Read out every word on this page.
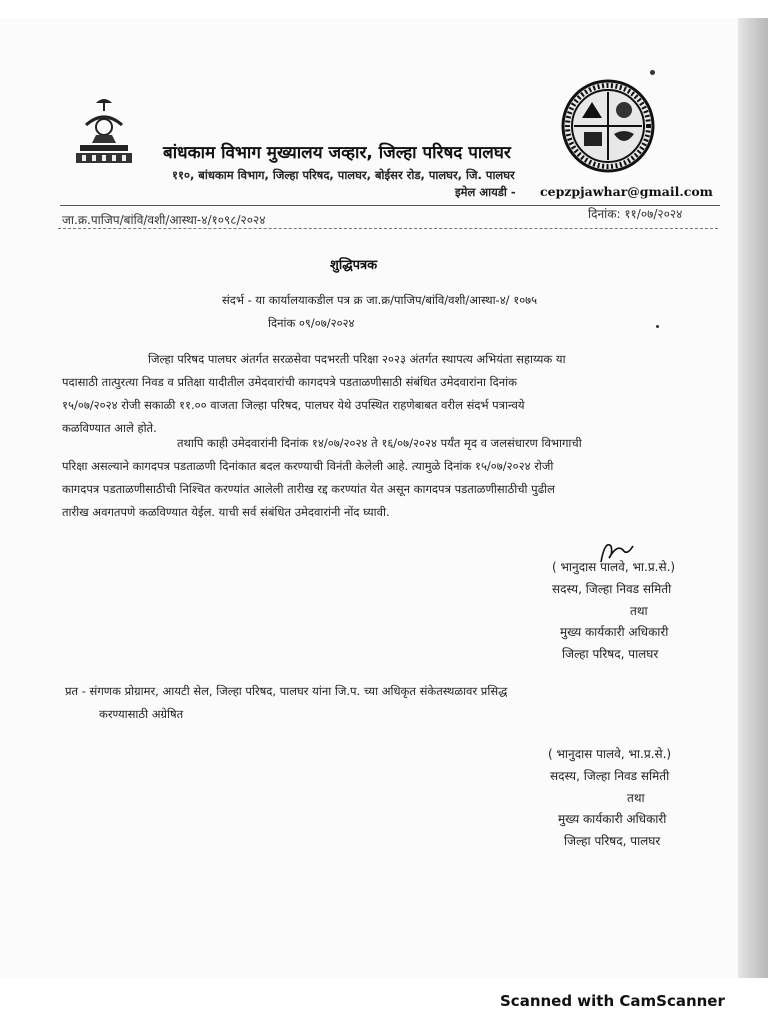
बांधकाम विभाग मुख्यालय जव्हार, जिल्हा परिषद पालघर
११०, बांधकाम विभाग, जिल्हा परिषद, पालघर, बोईसर रोड, पालघर, जि. पालघर
इमेल आयडी - cepzpjawhar@gmail.com
जा.क्र.पाजिप/बांवि/वशी/आस्था-४/१०९८/२०२४	दिनांक: ११/०७/२०२४
शुद्धिपत्रक
संदर्भ - या कार्यालयाकडील पत्र क्र जा.क्र/पाजिप/बांवि/वशी/आस्था-४/ १०७५
दिनांक ०९/०७/२०२४
जिल्हा परिषद पालघर अंतर्गत सरळसेवा पदभरती परिक्षा २०२३ अंतर्गत स्थापत्य अभियंता सहाय्यक या
पदासाठी तात्पुरत्या निवड व प्रतिक्षा यादीतील उमेदवारांची कागदपत्रे पडताळणीसाठी संबंधित उमेदवारांना दिनांक
१५/०७/२०२४ रोजी सकाळी ११.०० वाजता जिल्हा परिषद, पालघर येथे उपस्थित राहणेबाबत वरील संदर्भ पत्रान्वये
कळविण्यात आले होते.
तथापि काही उमेदवारांनी दिनांक १४/०७/२०२४ ते १६/०७/२०२४ पर्यंत मृद व जलसंधारण विभागाची
परिक्षा असल्याने कागदपत्र पडताळणी दिनांकात बदल करण्याची विनंती केलेली आहे. त्यामुळे दिनांक १५/०७/२०२४ रोजी
कागदपत्र पडताळणीसाठीची निश्चित करण्यांत आलेली तारीख रद्द करण्यांत येत असून कागदपत्र पडताळणीसाठीची पुढील
तारीख अवगतपणे कळविण्यात येईल. याची सर्व संबंधित उमेदवारांनी नोंद घ्यावी.
( भानुदास पालवे, भा.प्र.से.)
सदस्य, जिल्हा निवड समिती
तथा
मुख्य कार्यकारी अधिकारी
जिल्हा परिषद, पालघर
प्रत - संगणक प्रोग्रामर, आयटी सेल, जिल्हा परिषद, पालघर यांना जि.प. च्या अधिकृत संकेतस्थळावर प्रसिद्ध
करण्यासाठी अग्रेषित
( भानुदास पालवे, भा.प्र.से.)
सदस्य, जिल्हा निवड समिती
तथा
मुख्य कार्यकारी अधिकारी
जिल्हा परिषद, पालघर
Scanned with CamScanner
